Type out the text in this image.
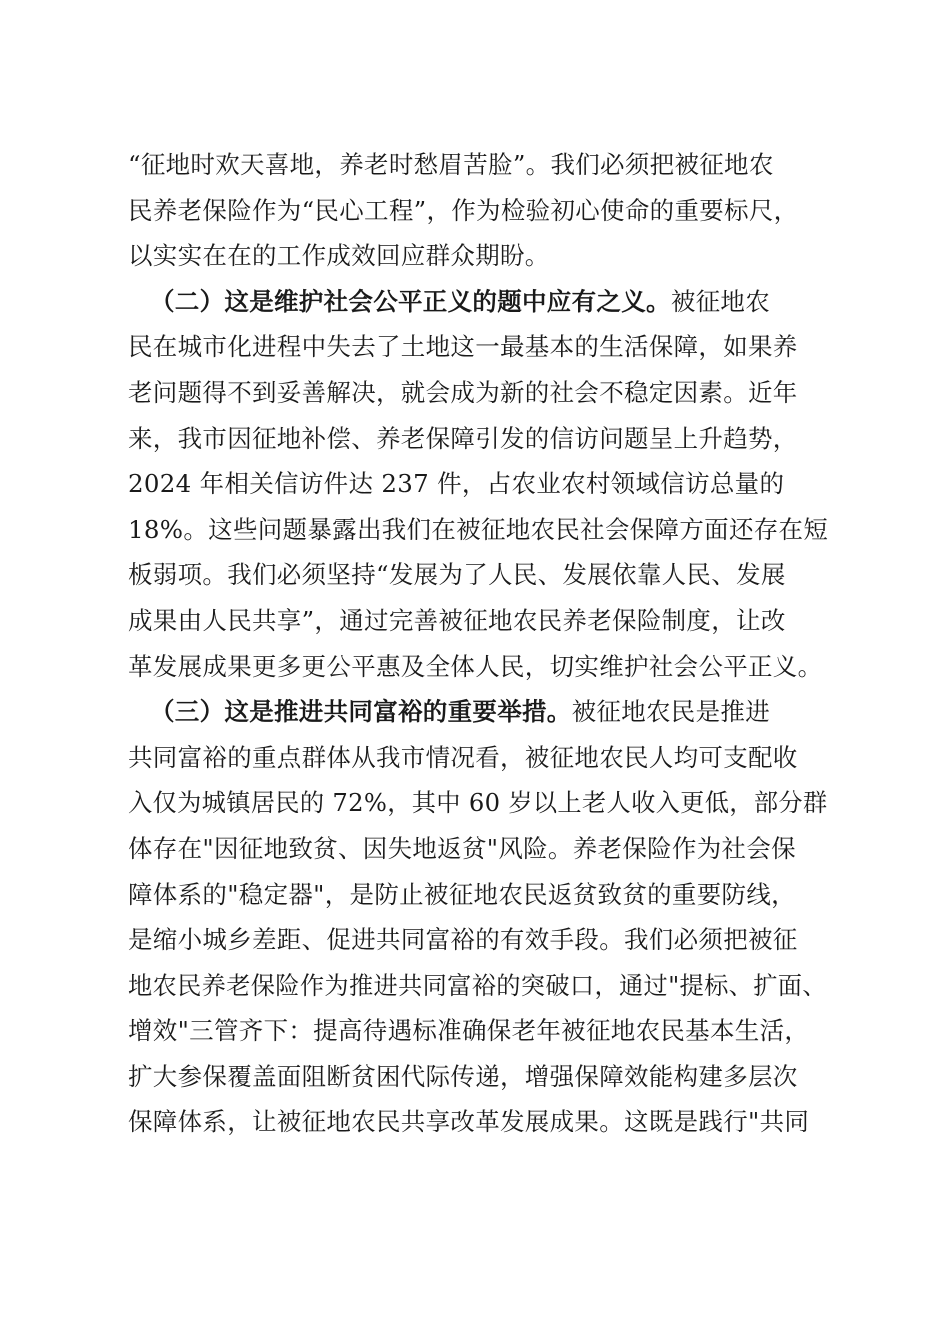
“征地时欢天喜地，养老时愁眉苦脸”。我们必须把被征地农
民养老保险作为“民心工程”，作为检验初心使命的重要标尺，
以实实在在的工作成效回应群众期盼。
（二）这是维护社会公平正义的题中应有之义。被征地农
民在城市化进程中失去了土地这一最基本的生活保障，如果养
老问题得不到妥善解决，就会成为新的社会不稳定因素。近年
来，我市因征地补偿、养老保障引发的信访问题呈上升趋势，
2024 年相关信访件达 237 件，占农业农村领域信访总量的
18%。这些问题暴露出我们在被征地农民社会保障方面还存在短
板弱项。我们必须坚持“发展为了人民、发展依靠人民、发展
成果由人民共享”，通过完善被征地农民养老保险制度，让改
革发展成果更多更公平惠及全体人民，切实维护社会公平正义。
（三）这是推进共同富裕的重要举措。被征地农民是推进
共同富裕的重点群体从我市情况看，被征地农民人均可支配收
入仅为城镇居民的 72%，其中 60 岁以上老人收入更低，部分群
体存在"因征地致贫、因失地返贫"风险。养老保险作为社会保
障体系的"稳定器"，是防止被征地农民返贫致贫的重要防线，
是缩小城乡差距、促进共同富裕的有效手段。我们必须把被征
地农民养老保险作为推进共同富裕的突破口，通过"提标、扩面、
增效"三管齐下：提高待遇标准确保老年被征地农民基本生活，
扩大参保覆盖面阻断贫困代际传递，增强保障效能构建多层次
保障体系，让被征地农民共享改革发展成果。这既是践行"共同
